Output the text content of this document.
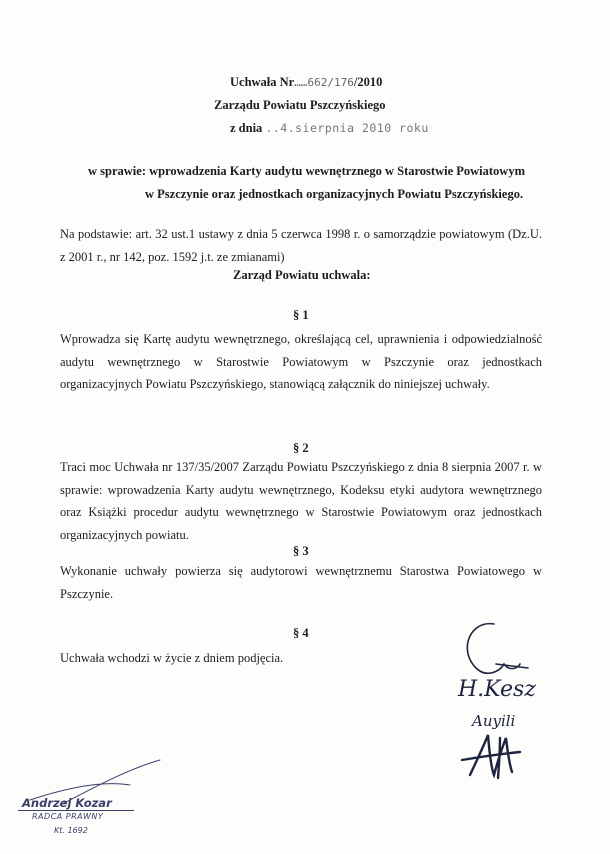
Uchwała Nr……662/176/2010
Zarządu Powiatu Pszczyńskiego
z dnia ..4.sierpnia 2010 roku
w sprawie: wprowadzenia Karty audytu wewnętrznego w Starostwie Powiatowym
w Pszczynie oraz jednostkach organizacyjnych Powiatu Pszczyńskiego.
Na podstawie: art. 32 ust.1 ustawy z dnia 5 czerwca 1998 r. o samorządzie powiatowym (Dz.U. z 2001 r., nr 142, poz. 1592 j.t. ze zmianami)
Zarząd Powiatu uchwala:
§ 1
Wprowadza się Kartę audytu wewnętrznego, określającą cel, uprawnienia i odpowiedzialność audytu wewnętrznego w Starostwie Powiatowym w Pszczynie oraz jednostkach organizacyjnych Powiatu Pszczyńskiego, stanowiącą załącznik do niniejszej uchwały.
§ 2
Traci moc Uchwała nr 137/35/2007 Zarządu Powiatu Pszczyńskiego z dnia 8 sierpnia 2007 r. w sprawie: wprowadzenia Karty audytu wewnętrznego, Kodeksu etyki audytora wewnętrznego oraz Książki procedur audytu wewnętrznego w Starostwie Powiatowym oraz jednostkach organizacyjnych powiatu.
§ 3
Wykonanie uchwały powierza się audytorowi wewnętrznemu Starostwa Powiatowego w Pszczynie.
§ 4
Uchwała wchodzi w życie z dniem podjęcia.
H.Kesz
Auyili
Andrzej Kozar
RADCA PRAWNY
Kt. 1692
